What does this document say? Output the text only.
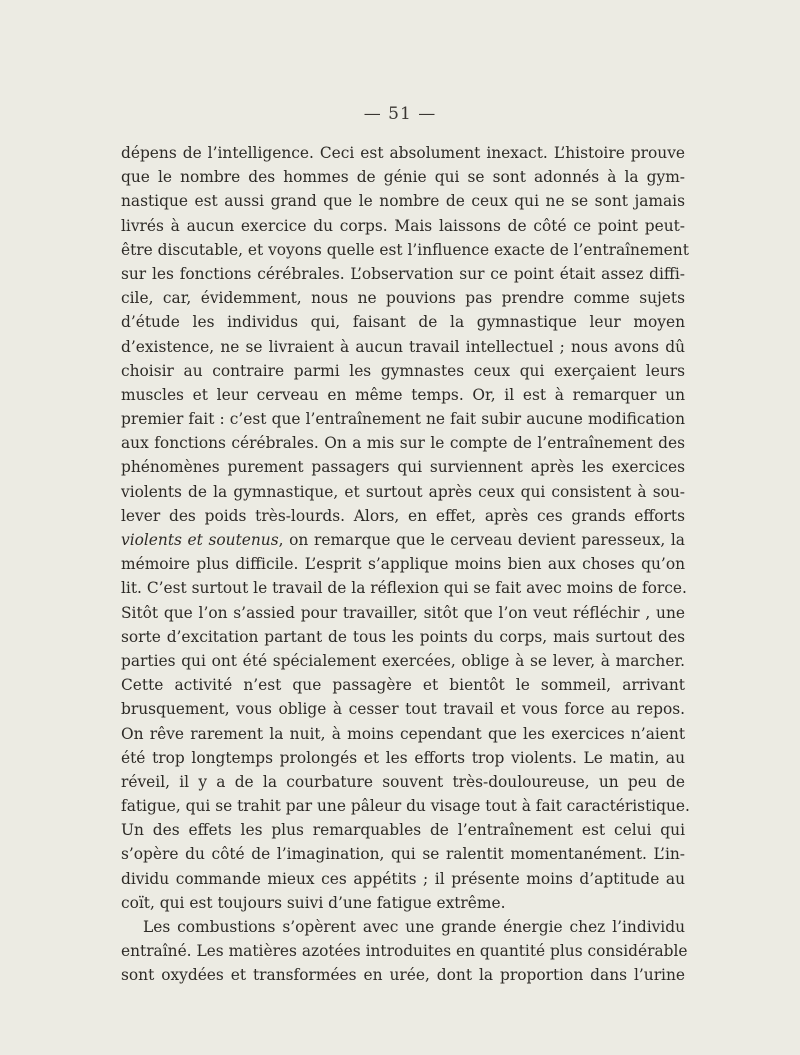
— 51 —
dépens de l’intelligence. Ceci est absolument inexact. L’histoire prouve
que le nombre des hommes de génie qui se sont adonnés à la gym-
nastique est aussi grand que le nombre de ceux qui ne se sont jamais
livrés à aucun exercice du corps. Mais laissons de côté ce point peut-
être discutable, et voyons quelle est l’influence exacte de l’entraînement
sur les fonctions cérébrales. L’observation sur ce point était assez diffi-
cile, car, évidemment, nous ne pouvions pas prendre comme sujets
d’étude les individus qui, faisant de la gymnastique leur moyen
d’existence, ne se livraient à aucun travail intellectuel ; nous avons dû
choisir au contraire parmi les gymnastes ceux qui exerçaient leurs
muscles et leur cerveau en même temps. Or, il est à remarquer un
premier fait : c’est que l’entraînement ne fait subir aucune modification
aux fonctions cérébrales. On a mis sur le compte de l’entraînement des
phénomènes purement passagers qui surviennent après les exercices
violents de la gymnastique, et surtout après ceux qui consistent à sou-
lever des poids très-lourds. Alors, en effet, après ces grands efforts
violents et soutenus, on remarque que le cerveau devient paresseux, la
mémoire plus difficile. L’esprit s’applique moins bien aux choses qu’on
lit. C’est surtout le travail de la réflexion qui se fait avec moins de force.
Sitôt que l’on s’assied pour travailler, sitôt que l’on veut réfléchir , une
sorte d’excitation partant de tous les points du corps, mais surtout des
parties qui ont été spécialement exercées, oblige à se lever, à marcher.
Cette activité n’est que passagère et bientôt le sommeil, arrivant
brusquement, vous oblige à cesser tout travail et vous force au repos.
On rêve rarement la nuit, à moins cependant que les exercices n’aient
été trop longtemps prolongés et les efforts trop violents. Le matin, au
réveil, il y a de la courbature souvent très-douloureuse, un peu de
fatigue, qui se trahit par une pâleur du visage tout à fait caractéristique.
Un des effets les plus remarquables de l’entraînement est celui qui
s’opère du côté de l’imagination, qui se ralentit momentanément. L’in-
dividu commande mieux ces appétits ; il présente moins d’aptitude au
coït, qui est toujours suivi d’une fatigue extrême.
Les combustions s’opèrent avec une grande énergie chez l’individu
entraîné. Les matières azotées introduites en quantité plus considérable
sont oxydées et transformées en urée, dont la proportion dans l’urine
